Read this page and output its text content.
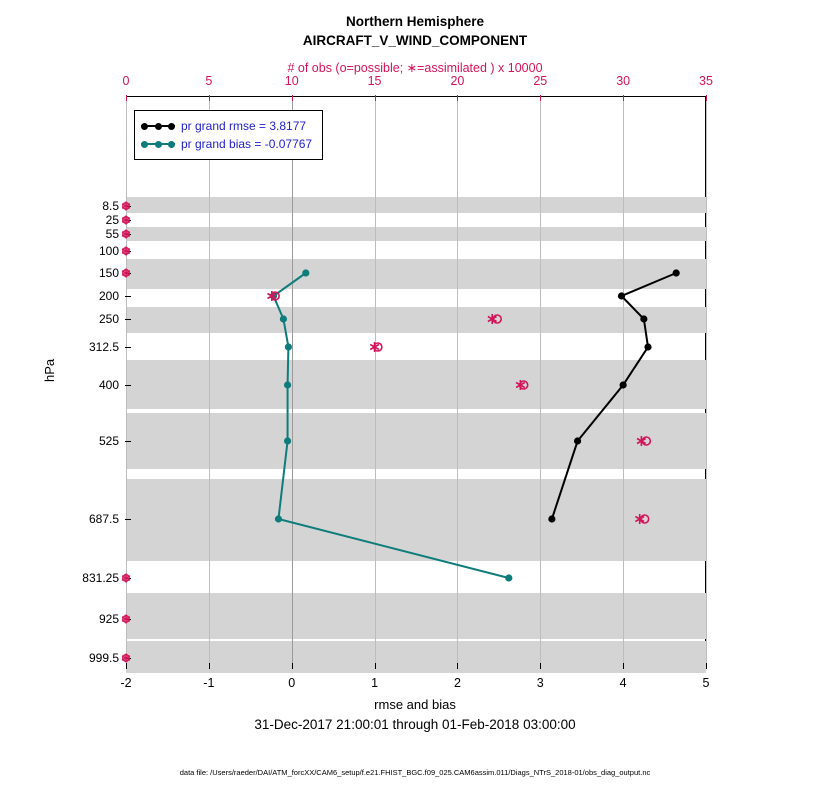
Northern Hemisphere
AIRCRAFT_V_WIND_COMPONENT
# of obs (o=possible; ∗=assimilated ) x 10000
hPa
pr grand rmse = 3.8177
pr grand bias = -0.07767
-2	-1	0	1	2	3	4	5
0	5	10	15	20	25	30	35
8.5
25
55
100
150
200
250
312.5
400
525
687.5
831.25
925
999.5
rmse and bias
31-Dec-2017 21:00:01 through 01-Feb-2018 03:00:00
data file: /Users/raeder/DAI/ATM_forcXX/CAM6_setup/f.e21.FHIST_BGC.f09_025.CAM6assim.011/Diags_NTrS_2018-01/obs_diag_output.nc
